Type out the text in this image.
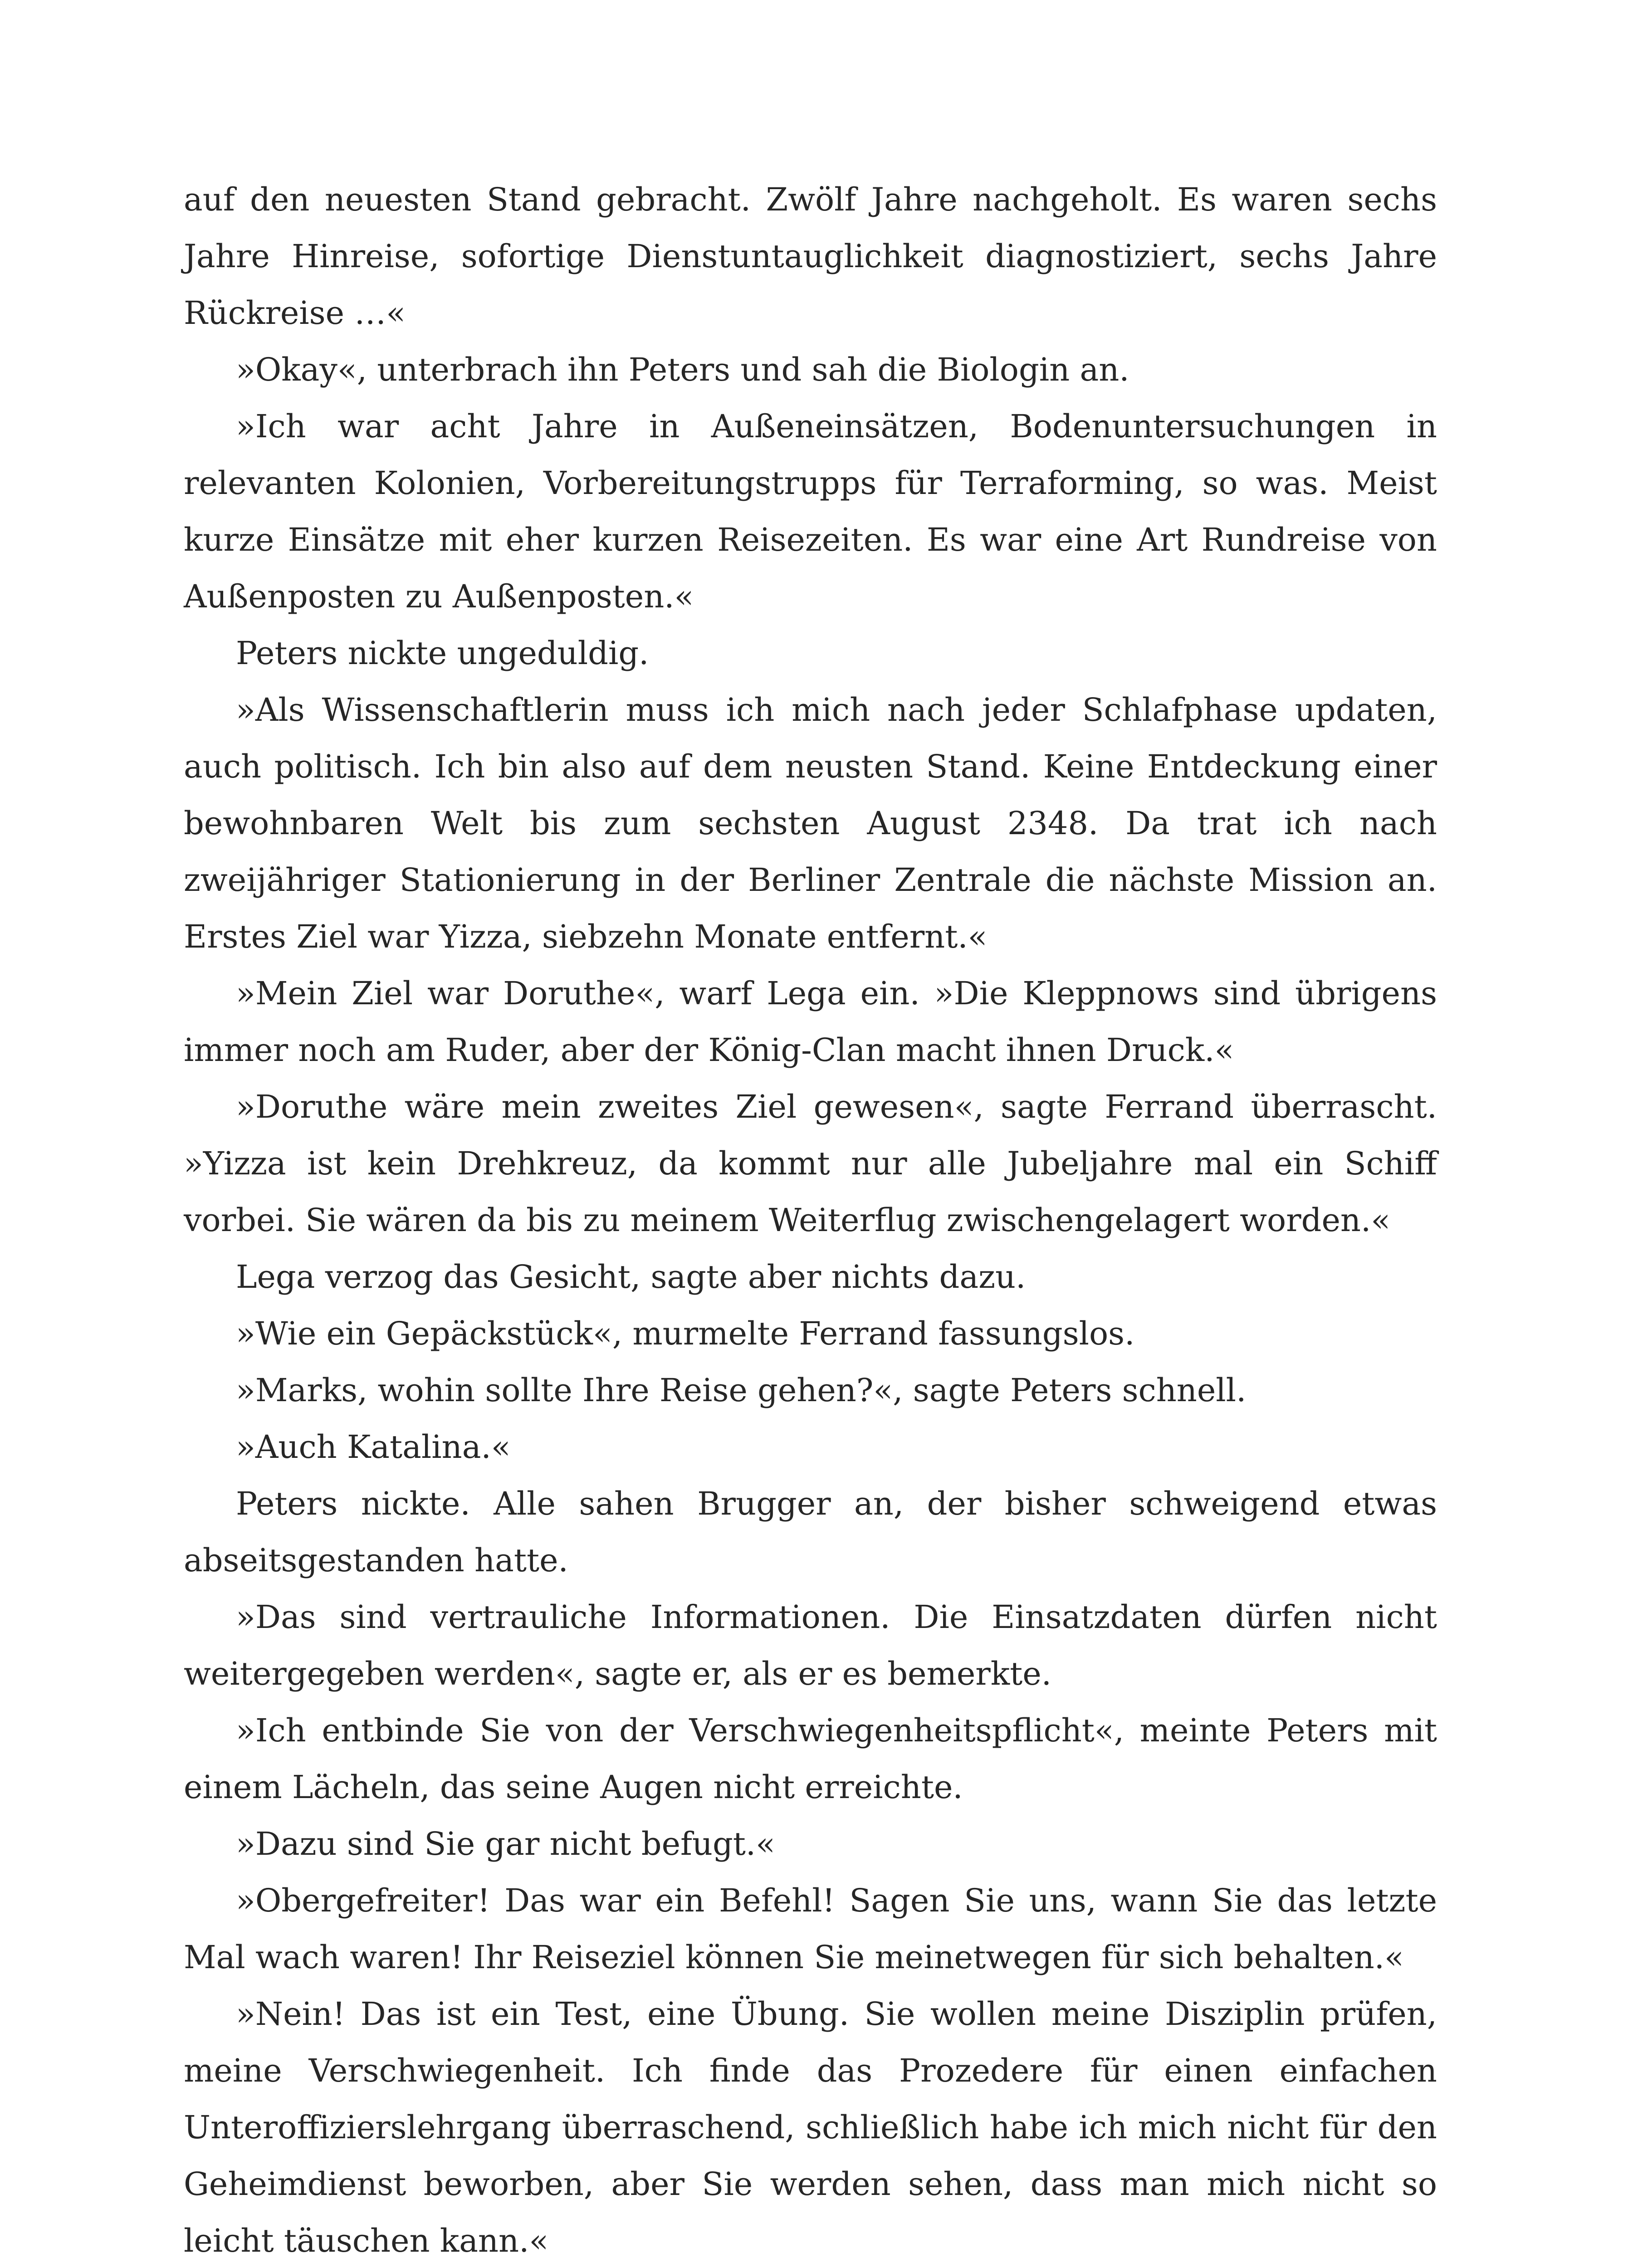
auf den neuesten Stand gebracht. Zwölf Jahre nachgeholt. Es waren sechs Jahre Hinreise, sofortige Dienstuntauglichkeit diagnostiziert, sechs Jahre Rückreise …«

»Okay«, unterbrach ihn Peters und sah die Biologin an.

»Ich war acht Jahre in Außeneinsätzen, Bodenuntersuchungen in relevanten Kolonien, Vorbereitungstrupps für Terraforming, so was. Meist kurze Einsätze mit eher kurzen Reisezeiten. Es war eine Art Rundreise von Außenposten zu Außenposten.«

Peters nickte ungeduldig.

»Als Wissenschaftlerin muss ich mich nach jeder Schlafphase updaten, auch politisch. Ich bin also auf dem neusten Stand. Keine Entdeckung einer bewohnbaren Welt bis zum sechsten August 2348. Da trat ich nach zweijähriger Stationierung in der Berliner Zentrale die nächste Mission an. Erstes Ziel war Yizza, siebzehn Monate entfernt.«

»Mein Ziel war Doruthe«, warf Lega ein. »Die Kleppnows sind übrigens immer noch am Ruder, aber der König-Clan macht ihnen Druck.«

»Doruthe wäre mein zweites Ziel gewesen«, sagte Ferrand überrascht. »Yizza ist kein Drehkreuz, da kommt nur alle Jubeljahre mal ein Schiff vorbei. Sie wären da bis zu meinem Weiterflug zwischengelagert worden.«

Lega verzog das Gesicht, sagte aber nichts dazu.

»Wie ein Gepäckstück«, murmelte Ferrand fassungslos.

»Marks, wohin sollte Ihre Reise gehen?«, sagte Peters schnell.

»Auch Katalina.«

Peters nickte. Alle sahen Brugger an, der bisher schweigend etwas abseitsgestanden hatte.

»Das sind vertrauliche Informationen. Die Einsatzdaten dürfen nicht weitergegeben werden«, sagte er, als er es bemerkte.

»Ich entbinde Sie von der Verschwiegenheitspflicht«, meinte Peters mit einem Lächeln, das seine Augen nicht erreichte.

»Dazu sind Sie gar nicht befugt.«

»Obergefreiter! Das war ein Befehl! Sagen Sie uns, wann Sie das letzte Mal wach waren! Ihr Reiseziel können Sie meinetwegen für sich behalten.«

»Nein! Das ist ein Test, eine Übung. Sie wollen meine Disziplin prüfen, meine Verschwiegenheit. Ich finde das Prozedere für einen einfachen Unteroffizierslehrgang überraschend, schließlich habe ich mich nicht für den Geheimdienst beworben, aber Sie werden sehen, dass man mich nicht so leicht täuschen kann.«
